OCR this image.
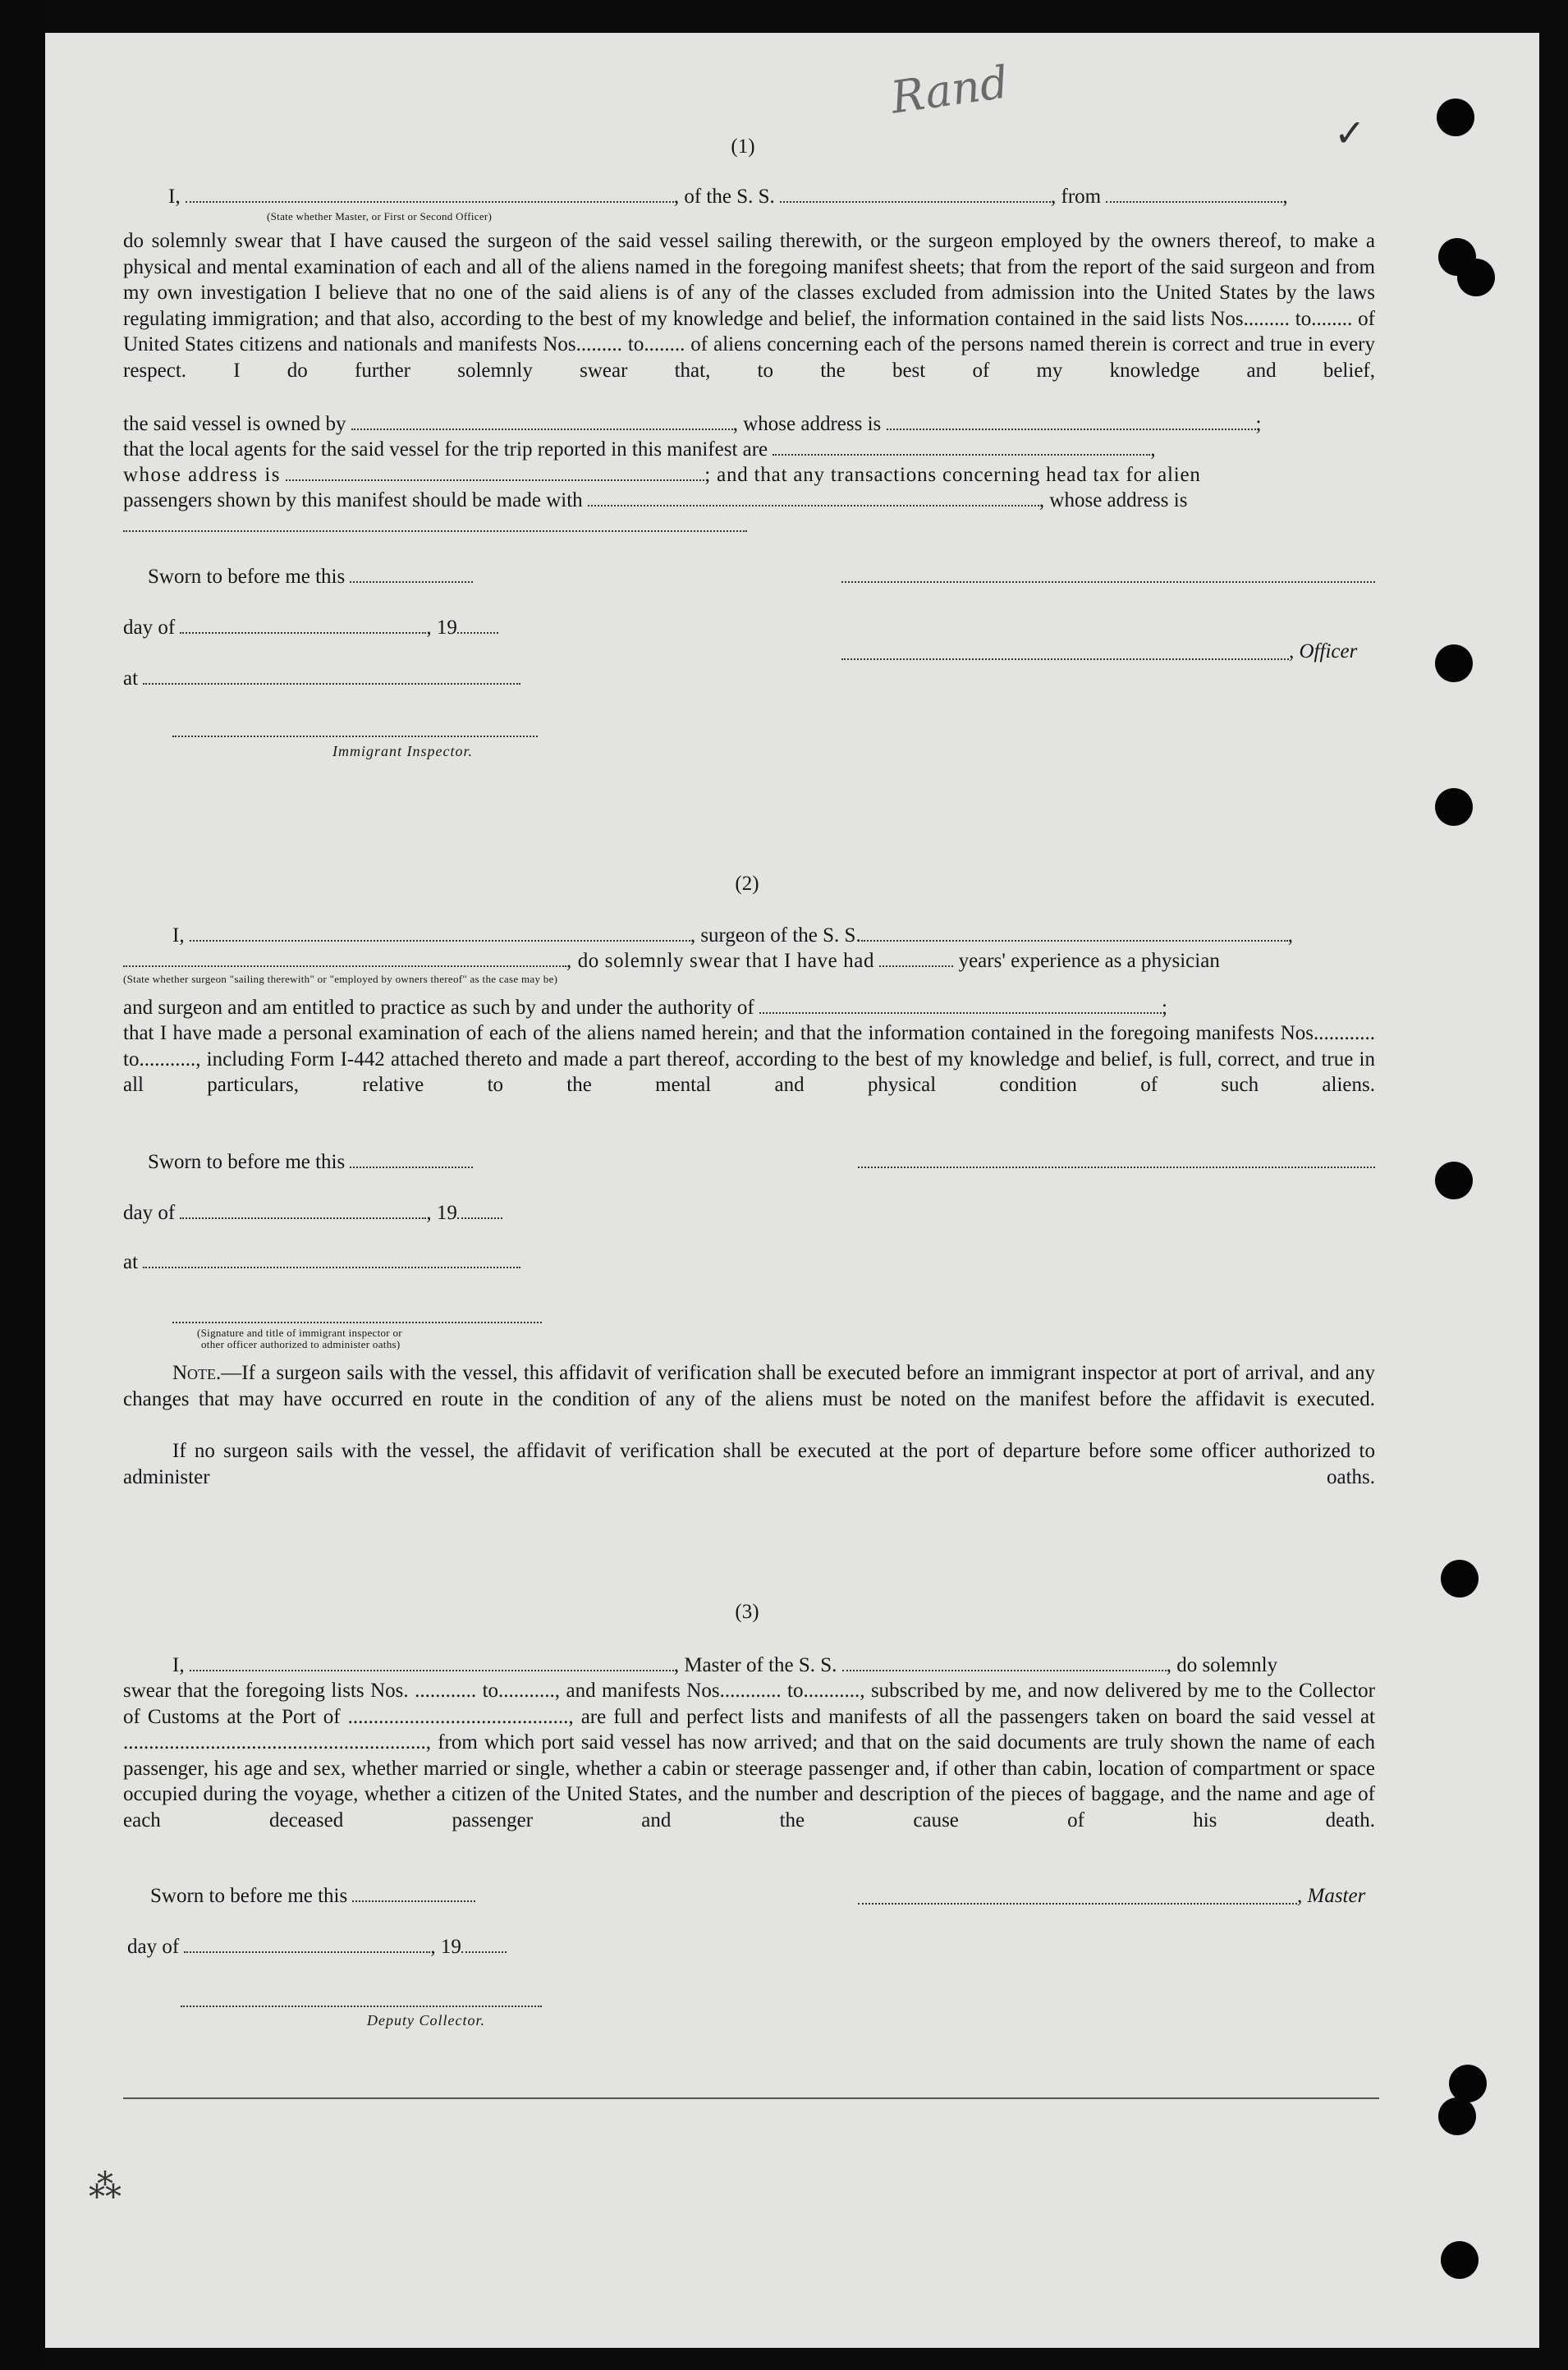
Rand
✓
(1)
I,	, of the S. S.	, from	,
(State whether Master, or First or Second Officer)
do solemnly swear that I have caused the surgeon of the said vessel sailing therewith, or the surgeon employed by the owners thereof, to make a physical and mental examination of each and all of the aliens named in the foregoing manifest sheets; that from the report of the said surgeon and from my own investigation I believe that no one of the said aliens is of any of the classes excluded from admission into the United States by the laws regulating immigration; and that also, according to the best of my knowledge and belief, the information contained in the said lists Nos......... to........ of United States citizens and nationals and manifests Nos......... to........ of aliens concerning each of the persons named therein is correct and true in every respect. I do further solemnly swear that, to the best of my knowledge and belief,
the said vessel is owned by	, whose address is	;
that the local agents for the said vessel for the trip reported in this manifest are	,
whose address is	; and that any transactions concerning head tax for alien
passengers shown by this manifest should be made with	, whose address is
Sworn to before me this
day of	, 19
, Officer
at
Immigrant Inspector.
(2)
I,	, surgeon of the S. S.	,
, do solemnly swear that I have had	years' experience as a physician
(State whether surgeon "sailing therewith" or "employed by owners thereof" as the case may be)
and surgeon and am entitled to practice as such by and under the authority of	;
that I have made a personal examination of each of the aliens named herein; and that the information contained in the foregoing manifests Nos............ to..........., including Form I-442 attached thereto and made a part thereof, according to the best of my knowledge and belief, is full, correct, and true in all particulars, relative to the mental and physical condition of such aliens.
Sworn to before me this
day of	, 19
at
(Signature and title of immigrant inspector or
other officer authorized to administer oaths)
Note.—If a surgeon sails with the vessel, this affidavit of verification shall be executed before an immigrant inspector at port of arrival, and any changes that may have occurred en route in the condition of any of the aliens must be noted on the manifest before the affidavit is executed.
If no surgeon sails with the vessel, the affidavit of verification shall be executed at the port of departure before some officer authorized to administer oaths.
(3)
I,	, Master of the S. S.	, do solemnly
swear that the foregoing lists Nos. ............ to..........., and manifests Nos............ to..........., subscribed by me, and now delivered by me to the Collector of Customs at the Port of ..........................................., are full and perfect lists and manifests of all the passengers taken on board the said vessel at ..........................................................., from which port said vessel has now arrived; and that on the said documents are truly shown the name of each passenger, his age and sex, whether married or single, whether a cabin or steerage passenger and, if other than cabin, location of compartment or space occupied during the voyage, whether a citizen of the United States, and the number and description of the pieces of baggage, and the name and age of each deceased passenger and the cause of his death.
Sworn to before me this	, Master
day of	, 19
Deputy Collector.
⁂
